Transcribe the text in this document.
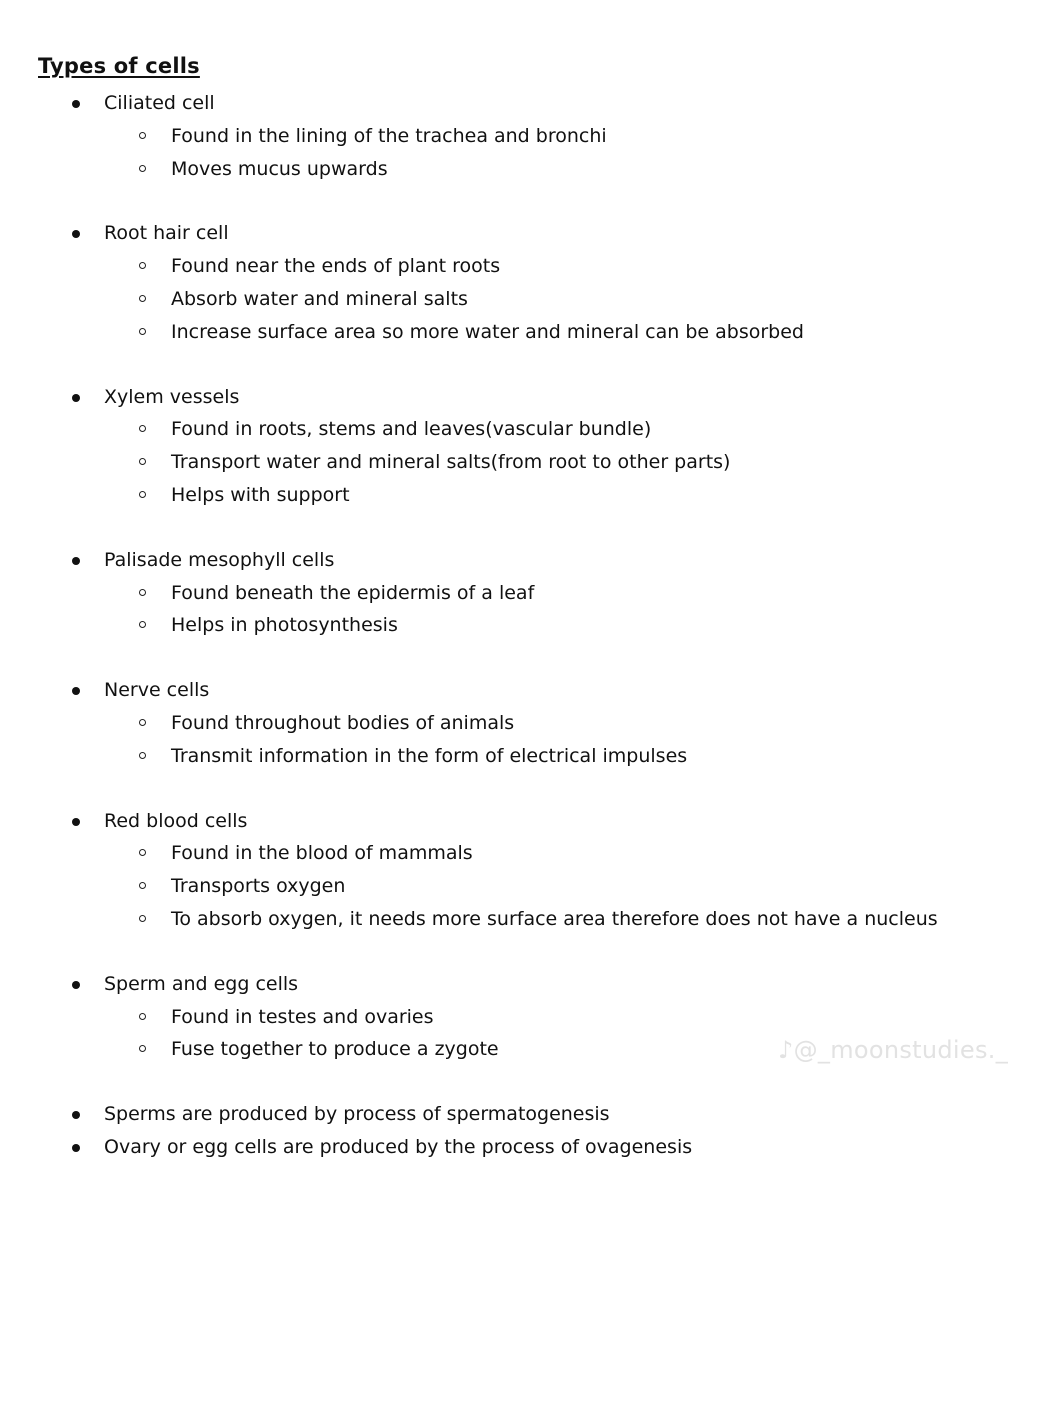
Types of cells
Ciliated cell
Found in the lining of the trachea and bronchi
Moves mucus upwards
Root hair cell
Found near the ends of plant roots
Absorb water and mineral salts
Increase surface area so more water and mineral can be absorbed
Xylem vessels
Found in roots, stems and leaves(vascular bundle)
Transport water and mineral salts(from root to other parts)
Helps with support
Palisade mesophyll cells
Found beneath the epidermis of a leaf
Helps in photosynthesis
Nerve cells
Found throughout bodies of animals
Transmit information in the form of electrical impulses
Red blood cells
Found in the blood of mammals
Transports oxygen
To absorb oxygen, it needs more surface area therefore does not have a nucleus
Sperm and egg cells
Found in testes and ovaries
Fuse together to produce a zygote
Sperms are produced by process of spermatogenesis
Ovary or egg cells are produced by the process of ovagenesis
♪@_moonstudies._
